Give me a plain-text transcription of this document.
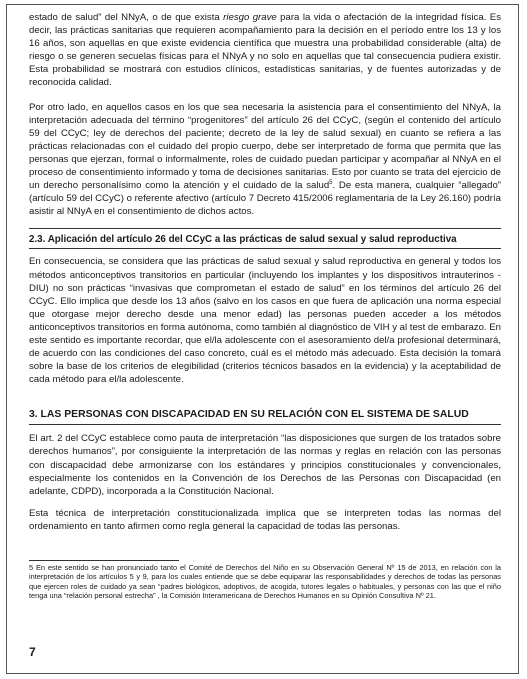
estado de salud” del NNyA, o de que exista riesgo grave para la vida o afectación de la integridad física. Es decir, las prácticas sanitarias que requieren acompañamiento para la decisión en el período entre los 13 y los 16 años, son aquellas en que existe evidencia científica que muestra una probabilidad considerable (alta) de riesgo o se generen secuelas físicas para el NNyA y no solo en aquellas que tal consecuencia pudiera existir. Esta probabilidad se mostrará con estudios clínicos, estadísticas sanitarias, y de fuentes autorizadas y de reconocida calidad.

Por otro lado, en aquellos casos en los que sea necesaria la asistencia para el consentimiento del NNyA, la interpretación adecuada del término “progenitores” del artículo 26 del CCyC, (según el contenido del artículo 59 del CCyC; ley de derechos del paciente; decreto de la ley de salud sexual) en cuanto se refiera a las prácticas relacionadas con el cuidado del propio cuerpo, debe ser interpretado de forma que permita que las personas que ejerzan, formal o informalmente, roles de cuidado puedan participar y acompañar al NNyA en el proceso de consentimiento informado y toma de decisiones sanitarias. Esto por cuanto se trata del ejercicio de un derecho personalísimo como la atención y el cuidado de la salud$^5$. De esta manera, cualquier “allegado” (artículo 59 del CCyC) o referente afectivo (artículo 7 Decreto 415/2006 reglamentaria de la Ley 26.160) podría asistir al NNyA en el consentimiento de dichos actos.

2.3. Aplicación del artículo 26 del CCyC a las prácticas de salud sexual y salud reproductiva

En consecuencia, se considera que las prácticas de salud sexual y salud reproductiva en general y todos los métodos anticonceptivos transitorios en particular (incluyendo los implantes y los dispositivos intrauterinos -DIU) no son prácticas “invasivas que comprometan el estado de salud” en los términos del artículo 26 del CCyC. Ello implica que desde los 13 años (salvo en los casos en que fuera de aplicación una norma especial que otorgase mejor derecho desde una menor edad) las personas pueden acceder a los métodos anticonceptivos transitorios en forma autónoma, como también al diagnóstico de VIH y al test de embarazo. En este sentido es importante recordar, que el/la adolescente con el asesoramiento del/a profesional determinará, de acuerdo con las condiciones del caso concreto, cuál es el método más adecuado. Esta decisión la tomará sobre la base de los criterios de elegibilidad (criterios técnicos basados en la evidencia) y la aceptabilidad de cada método para el/la adolescente.

3. LAS PERSONAS CON DISCAPACIDAD EN SU RELACIÓN CON EL SISTEMA DE SALUD

El art. 2 del CCyC establece como pauta de interpretación “las disposiciones que surgen de los tratados sobre derechos humanos”, por consiguiente la interpretación de las normas y reglas en relación con las personas con discapacidad debe armonizarse con los estándares y principios constitucionales y convencionales, especialmente los contenidos en la Convención de los Derechos de las Personas con Discapacidad (en adelante, CDPD), incorporada a la Constitución Nacional.

Esta técnica de interpretación constitucionalizada implica que se interpreten todas las normas del ordenamiento en tanto afirmen como regla general la capacidad de todas las personas.

5 En este sentido se han pronunciado tanto el Comité de Derechos del Niño en su Observación General Nº 15 de 2013, en relación con la interpretación de los artículos 5 y 9, para los cuales entiende que se debe equiparar las responsabilidades y derechos de todas las personas que ejercen roles de cuidado ya sean “padres biológicos, adoptivos, de acogida, tutores legales o habituales, y personas con las que el niño tenga una “relación personal estrecha” , la Comisión Interamericana de Derechos Humanos en su Opinión Consultiva Nº 21.

7
